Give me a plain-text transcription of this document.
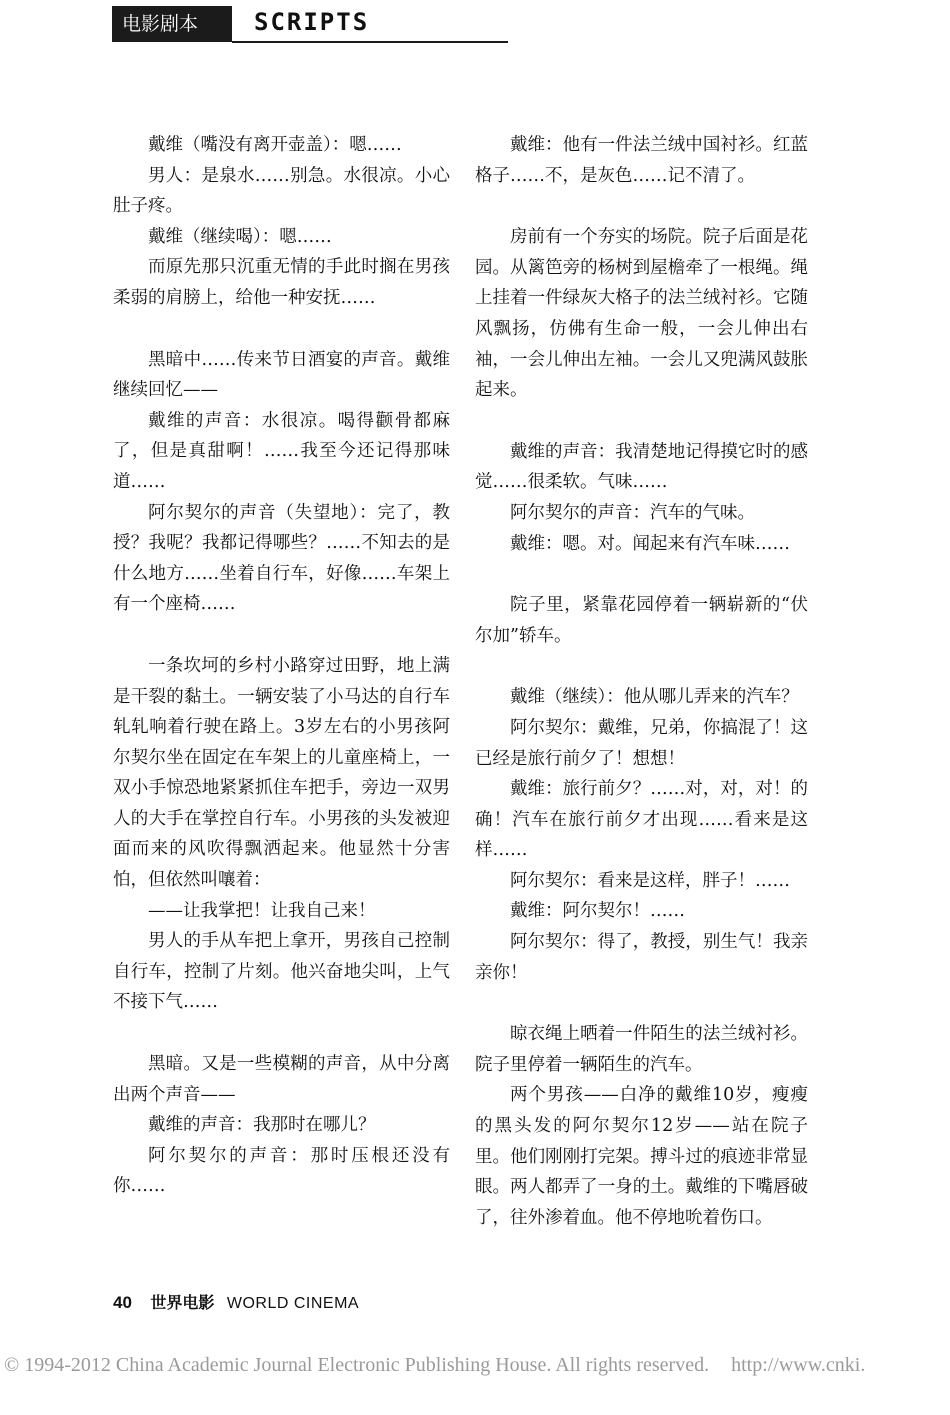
电影剧本	SCRIPTS

戴维（嘴没有离开壶盖）：嗯……

男人：是泉水……别急。水很凉。小心肚子疼。

戴维（继续喝）：嗯……

而原先那只沉重无情的手此时搁在男孩柔弱的肩膀上，给他一种安抚……

黑暗中……传来节日酒宴的声音。戴维继续回忆——

戴维的声音：水很凉。喝得颧骨都麻了，但是真甜啊！……我至今还记得那味道……

阿尔契尔的声音（失望地）：完了，教授？我呢？我都记得哪些？……不知去的是什么地方……坐着自行车，好像……车架上有一个座椅……

一条坎坷的乡村小路穿过田野，地上满是干裂的黏土。一辆安装了小马达的自行车轧轧响着行驶在路上。3岁左右的小男孩阿尔契尔坐在固定在车架上的儿童座椅上，一双小手惊恐地紧紧抓住车把手，旁边一双男人的大手在掌控自行车。小男孩的头发被迎面而来的风吹得飘洒起来。他显然十分害怕，但依然叫嚷着：

——让我掌把！让我自己来！

男人的手从车把上拿开，男孩自己控制自行车，控制了片刻。他兴奋地尖叫，上气不接下气……

黑暗。又是一些模糊的声音，从中分离出两个声音——

戴维的声音：我那时在哪儿？

阿尔契尔的声音：那时压根还没有你……

戴维：他有一件法兰绒中国衬衫。红蓝格子……不，是灰色……记不清了。

房前有一个夯实的场院。院子后面是花园。从篱笆旁的杨树到屋檐牵了一根绳。绳上挂着一件绿灰大格子的法兰绒衬衫。它随风飘扬，仿佛有生命一般，一会儿伸出右袖，一会儿伸出左袖。一会儿又兜满风鼓胀起来。

戴维的声音：我清楚地记得摸它时的感觉……很柔软。气味……

阿尔契尔的声音：汽车的气味。

戴维：嗯。对。闻起来有汽车味……

院子里，紧靠花园停着一辆崭新的“伏尔加”轿车。

戴维（继续）：他从哪儿弄来的汽车？

阿尔契尔：戴维，兄弟，你搞混了！这已经是旅行前夕了！想想！

戴维：旅行前夕？……对，对，对！的确！汽车在旅行前夕才出现……看来是这样……

阿尔契尔：看来是这样，胖子！……

戴维：阿尔契尔！……

阿尔契尔：得了，教授，别生气！我亲亲你！

晾衣绳上晒着一件陌生的法兰绒衬衫。院子里停着一辆陌生的汽车。

两个男孩——白净的戴维10岁，瘦瘦的黑头发的阿尔契尔12岁——站在院子里。他们刚刚打完架。搏斗过的痕迹非常显眼。两人都弄了一身的土。戴维的下嘴唇破了，往外渗着血。他不停地吮着伤口。

40 世界电影 WORLD CINEMA
© 1994-2012 China Academic Journal Electronic Publishing House. All rights reserved. http://www.cnki.
